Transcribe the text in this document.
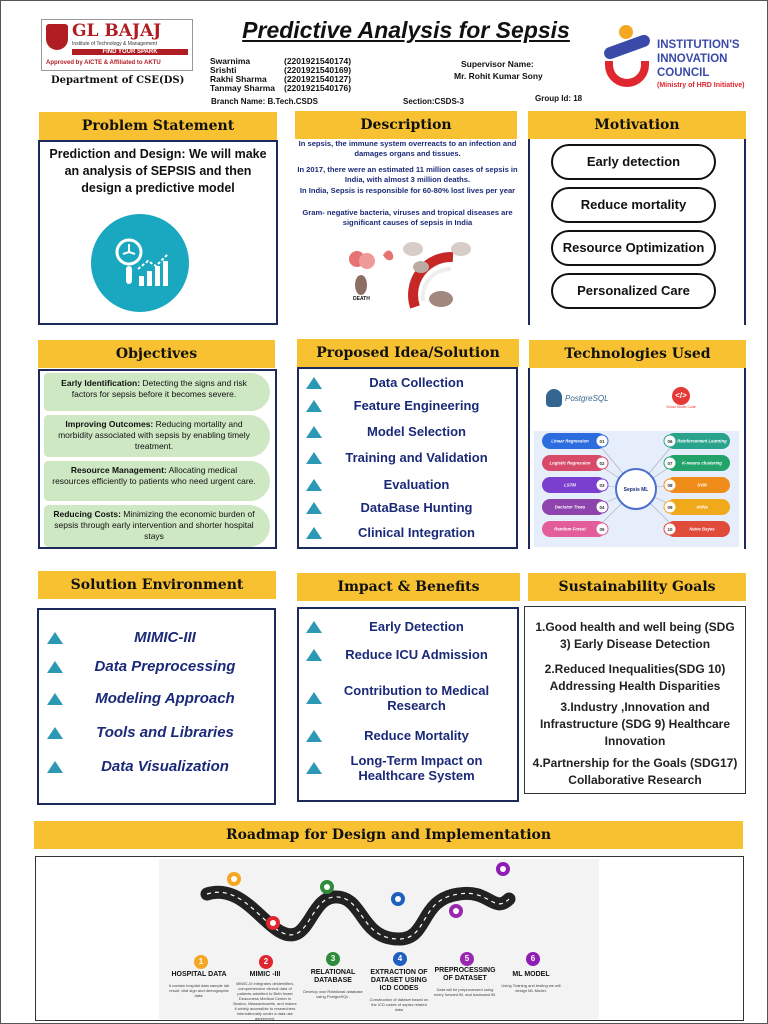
GL BAJAJ
Institute of Technology & Management
FIND YOUR SPARK
Approved by AICTE & Affiliated to AKTU
Department of CSE(DS)
Predictive Analysis for Sepsis
Swarnima	(2201921540174)
Srishti	(2201921540169)
Rakhi Sharma	(2201921540127)
Tanmay Sharma	(2201921540176)
Supervisor Name:
Mr. Rohit Kumar Sony
Branch Name: B.Tech.CSDS	Section:CSDS-3	Group Id: 18
INSTITUTION'S
INNOVATION
COUNCIL
(Ministry of HRD Initiative)
Problem Statement	Description	Motivation
Prediction and Design: We will make an analysis of SEPSIS and then design a predictive model
In sepsis, the immune system overreacts to an infection and damages organs and tissues.
In 2017, there were an estimated 11 million cases of sepsis in India, with almost 3 million deaths.
In India, Sepsis is responsible for 60-80% lost lives per year
Gram- negative bacteria, viruses and tropical diseases are significant causes of sepsis in India
DEATH
Early detection
Reduce mortality
Resource Optimization
Personalized Care
Objectives	Proposed Idea/Solution	Technologies Used
Early Identification: Detecting the signs and risk factors for sepsis before it becomes severe.
Improving Outcomes: Reducing mortality and morbidity associated with sepsis by enabling timely treatment.
Resource Management: Allocating medical resources efficiently to patients who need urgent care.
Reducing Costs: Minimizing the economic burden of sepsis through early intervention and shorter hospital stays
Data Collection
Feature Engineering
Model Selection
Training and Validation
Evaluation
DataBase Hunting
Clinical Integration
PostgreSQL	</>
Visual Studio Code
Sepsis ML
01
Linear Regression
02
Logistic Regression
03
LSTM
04
Decision Trees
05
Random Forest
06 Reinforcement Learning
07 K-means clustering
08	SVM
09	ANNs
10	Naive Bayes
Solution Environment	Impact & Benefits	Sustainability Goals
MIMIC-III
Data Preprocessing
Modeling Approach
Tools and Libraries
Data Visualization
Early Detection
Reduce ICU Admission
Contribution to Medical Research
Reduce Mortality
Long-Term Impact on Healthcare System
1.Good health and well being (SDG 3) Early Disease Detection
2.Reduced Inequalities(SDG 10) Addressing Health Disparities
3.Industry ,Innovation and Infrastructure (SDG 9) Healthcare Innovation
4.Partnership for the Goals (SDG17) Collaborative Research
Roadmap for Design and Implementation
1	2	3	4	5	6
HOSPITAL DATA	MIMIC -III	RELATIONAL DATABASE
EXTRACTION OF DATASET USING ICD CODES
PREPROCESSING OF DATASET
ML MODEL
It contain hospital data sample lab result, vital sign and demographic data.
MIMIC-III integrates deidentified, comprehensive clinical data of patients admitted to Beth Israel Deaconess Medical Center in Boston, Massachusetts, and makes it widely accessible to researchers internationally under a data use agreement.
Develop own Relational database using PostgreSQL.
Construction of dataset based on the ICD codes of sepsis related data
Data will be preprocessed using every forward fill, and backward fill.
Using Training and testing we will design ML Model.
